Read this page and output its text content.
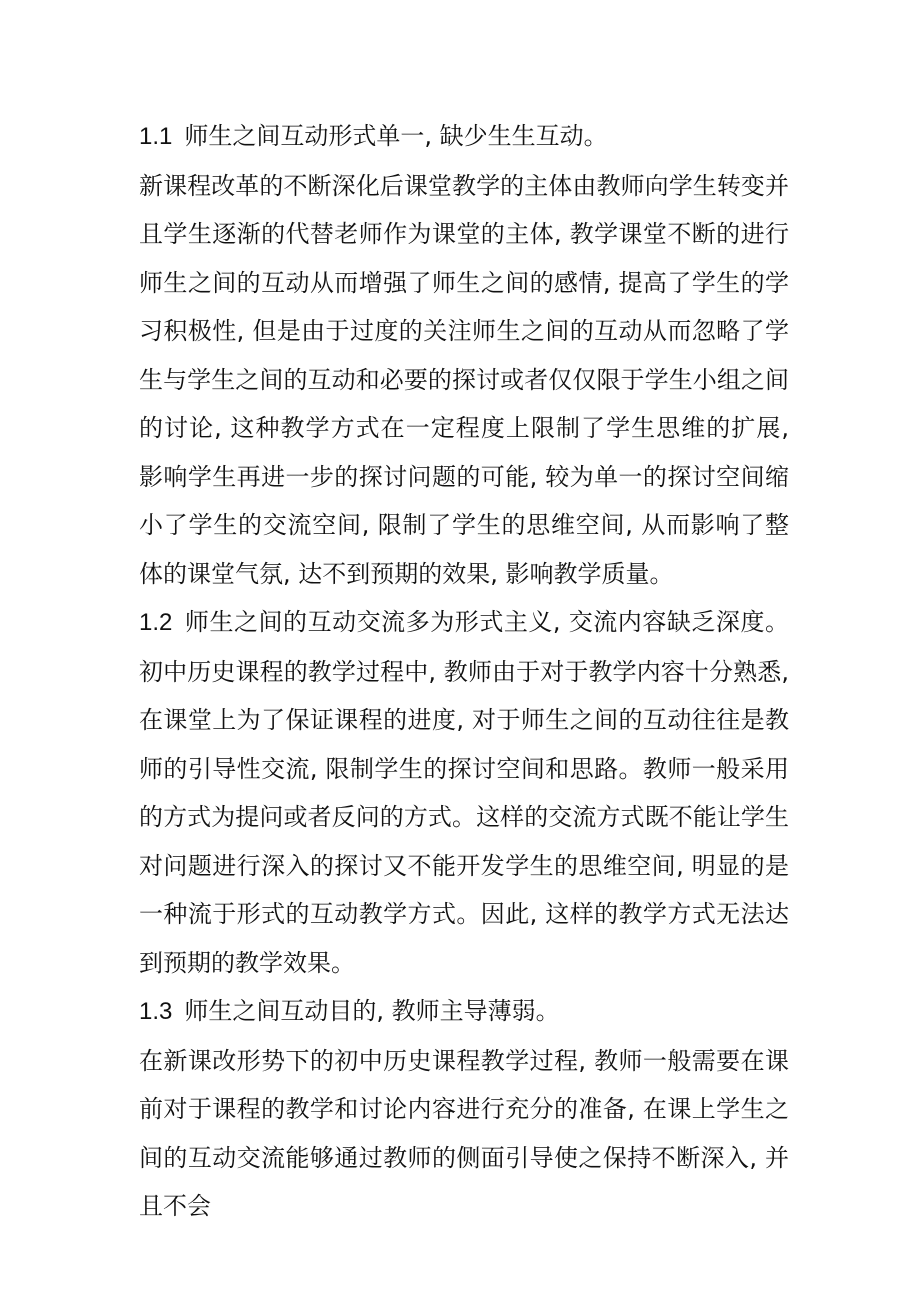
1.1 师生之间互动形式单一, 缺少生生互动。

新课程改革的不断深化后课堂教学的主体由教师向学生转变并且学生逐渐的代替老师作为课堂的主体, 教学课堂不断的进行师生之间的互动从而增强了师生之间的感情, 提高了学生的学习积极性, 但是由于过度的关注师生之间的互动从而忽略了学生与学生之间的互动和必要的探讨或者仅仅限于学生小组之间的讨论, 这种教学方式在一定程度上限制了学生思维的扩展, 影响学生再进一步的探讨问题的可能, 较为单一的探讨空间缩小了学生的交流空间, 限制了学生的思维空间, 从而影响了整体的课堂气氛, 达不到预期的效果, 影响教学质量。

1.2 师生之间的互动交流多为形式主义, 交流内容缺乏深度。初中历史课程的教学过程中, 教师由于对于教学内容十分熟悉, 在课堂上为了保证课程的进度, 对于师生之间的互动往往是教师的引导性交流, 限制学生的探讨空间和思路。教师一般采用的方式为提问或者反问的方式。这样的交流方式既不能让学生对问题进行深入的探讨又不能开发学生的思维空间, 明显的是一种流于形式的互动教学方式。因此, 这样的教学方式无法达到预期的教学效果。

1.3 师生之间互动目的, 教师主导薄弱。

在新课改形势下的初中历史课程教学过程, 教师一般需要在课前对于课程的教学和讨论内容进行充分的准备, 在课上学生之间的互动交流能够通过教师的侧面引导使之保持不断深入, 并且不会
